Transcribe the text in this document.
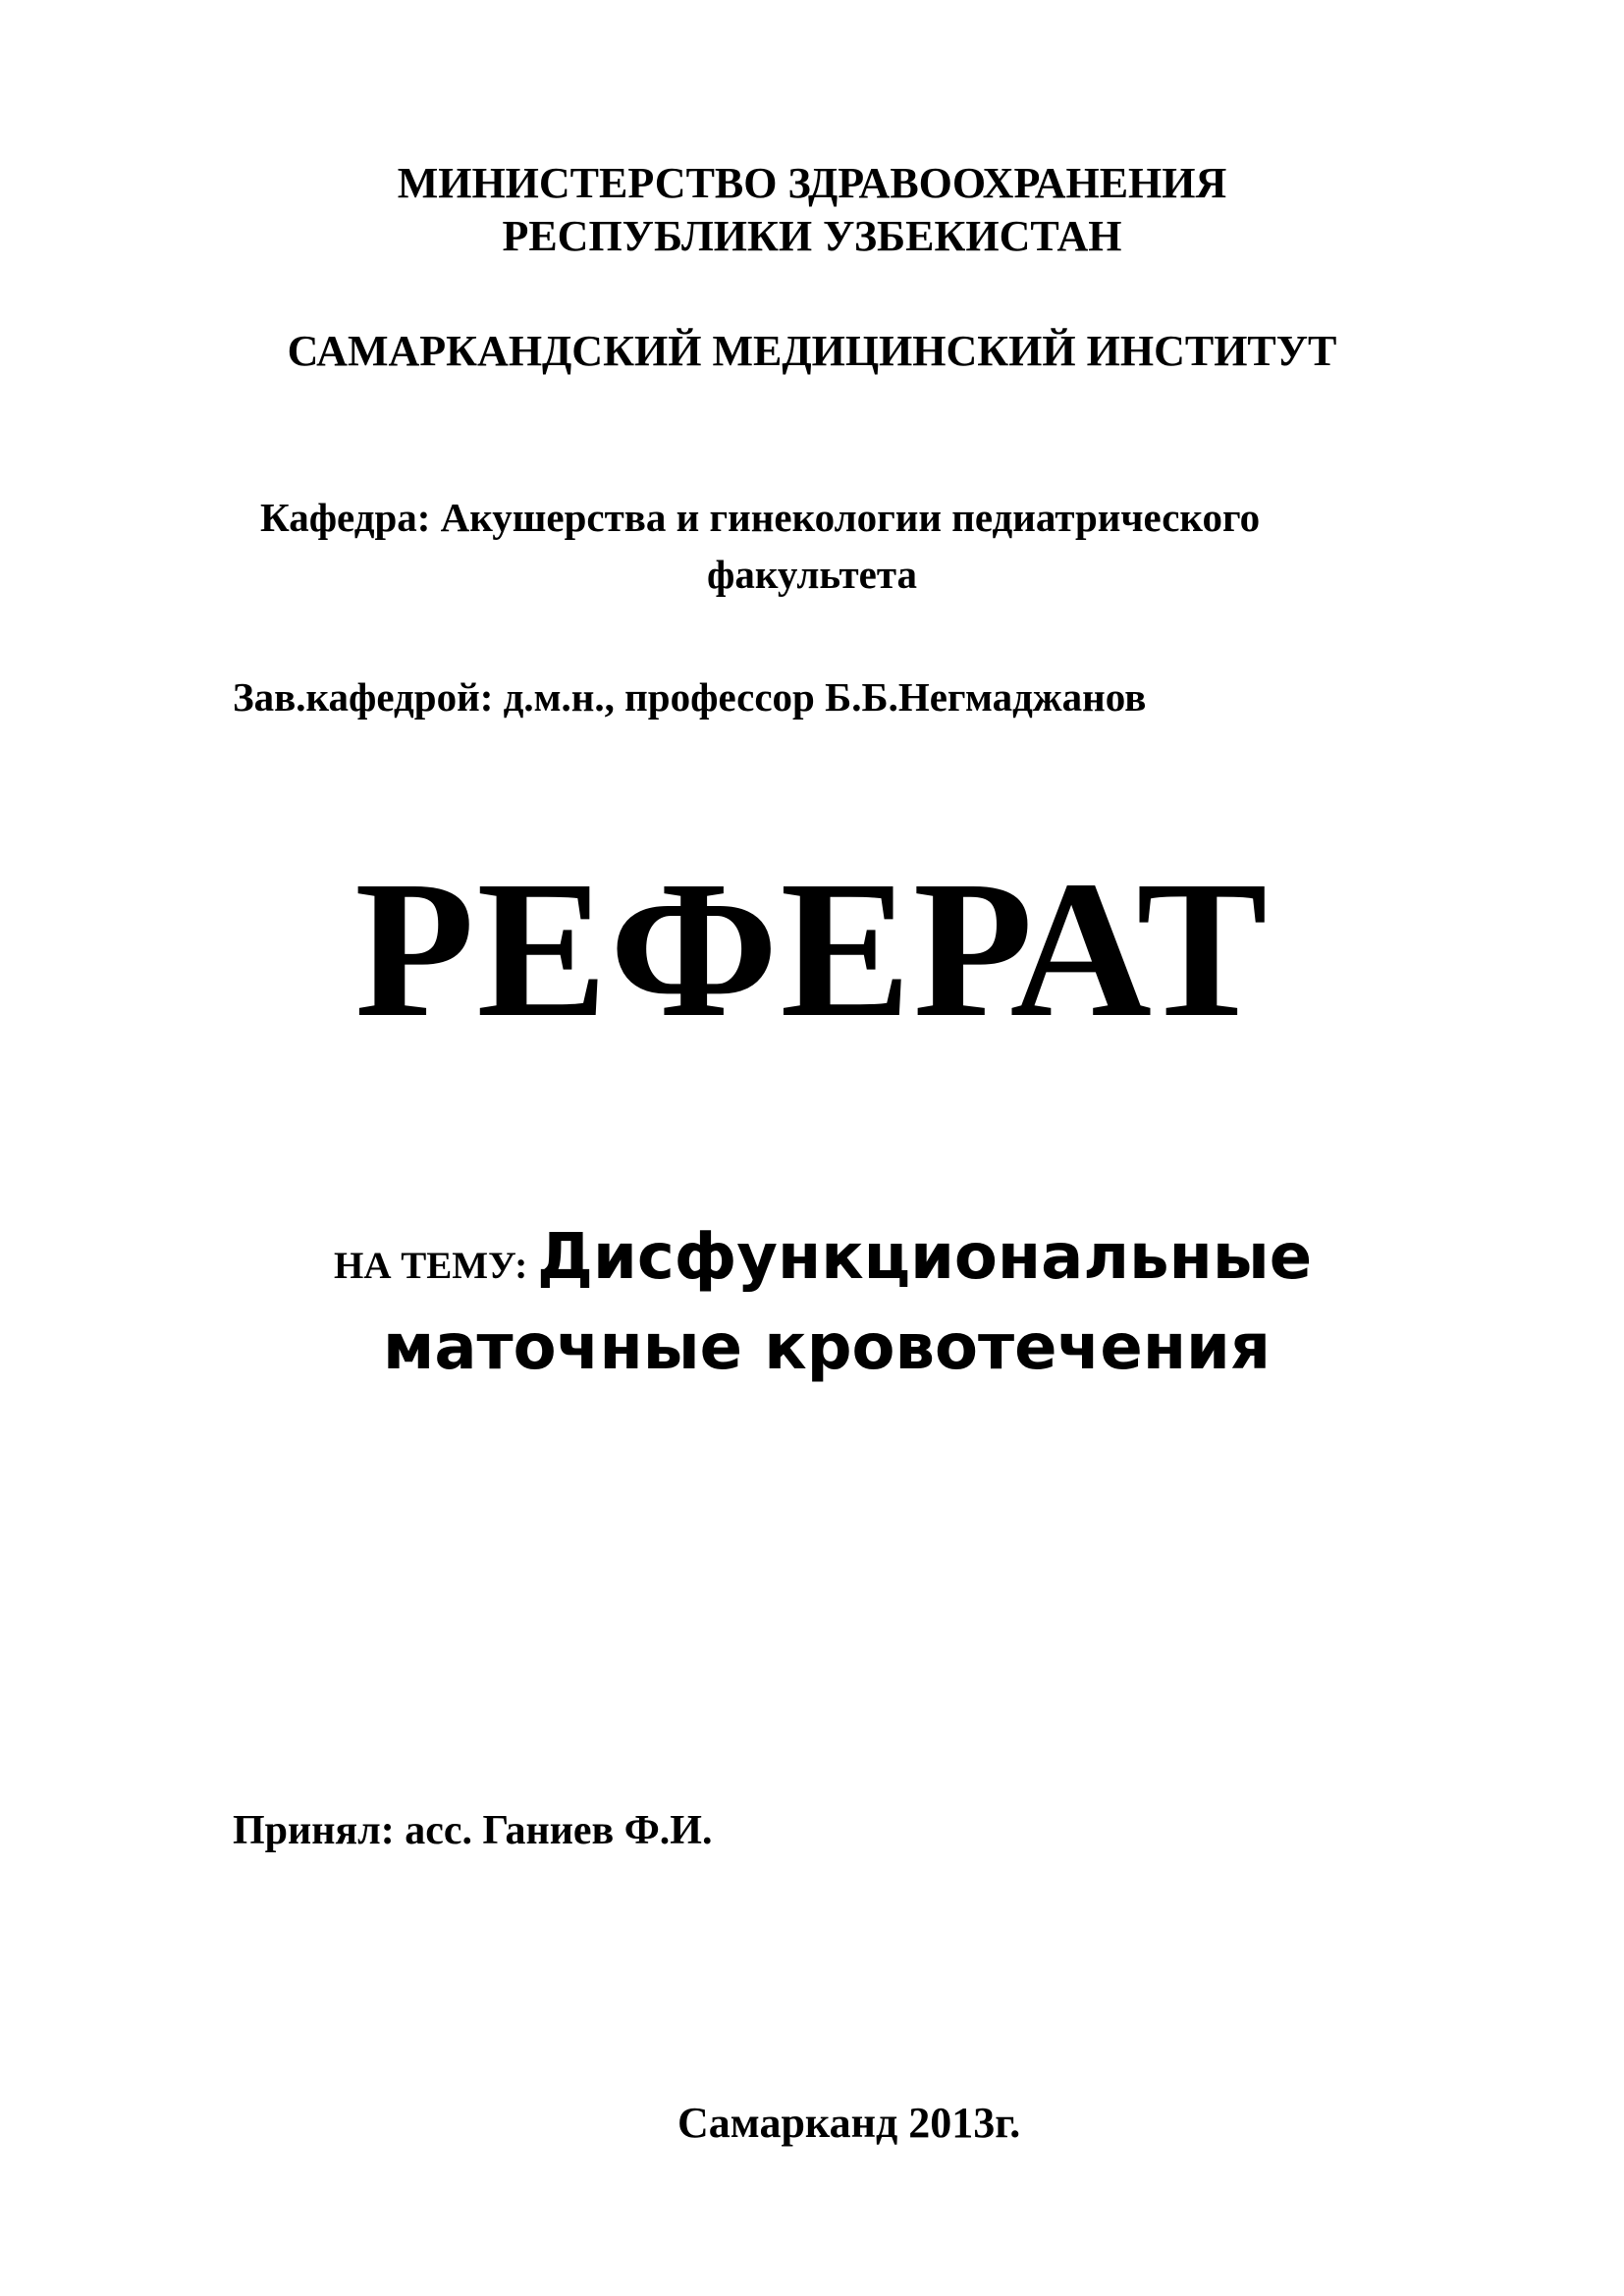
МИНИСТЕРСТВО ЗДРАВООХРАНЕНИЯ

РЕСПУБЛИКИ УЗБЕКИСТАН

САМАРКАНДСКИЙ МЕДИЦИНСКИЙ ИНСТИТУТ

Кафедра: Акушерства и гинекологии педиатрического

факультета

Зав.кафедрой: д.м.н., профессор Б.Б.Негмаджанов

РЕФЕРАТ

НА ТЕМУ: Дисфункциональные
маточные кровотечения

Принял: асс. Ганиев Ф.И.

Самарканд 2013г.
